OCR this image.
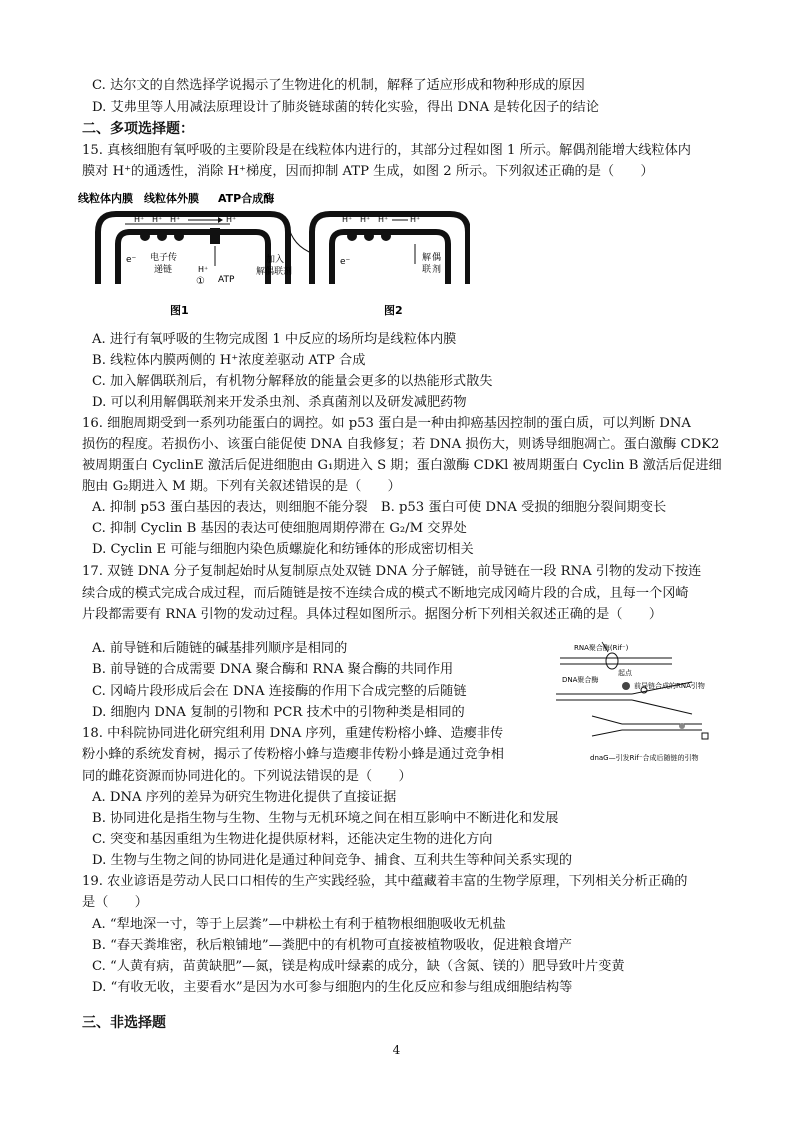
C. 达尔文的自然选择学说揭示了生物进化的机制，解释了适应形成和物种形成的原因
D. 艾弗里等人用减法原理设计了肺炎链球菌的转化实验，得出 DNA 是转化因子的结论
二、多项选择题：
15. 真核细胞有氧呼吸的主要阶段是在线粒体内进行的，其部分过程如图 1 所示。解偶剂能增大线粒体内
膜对 H⁺的通透性，消除 H⁺梯度，因而抑制 ATP 生成，如图 2 所示。下列叙述正确的是（　　）
线粒体内膜 线粒体外膜 ATP合成酶
H⁺ H⁺ H⁺	H⁺
e⁻ 电子传
递链	H⁺
① ATP
图1
加入
解偶联剂
H⁺ H⁺ H⁺	H⁺
e⁻	解 偶
联 剂
图2
A. 进行有氧呼吸的生物完成图 1 中反应的场所均是线粒体内膜
B. 线粒体内膜两侧的 H⁺浓度差驱动 ATP 合成
C. 加入解偶联剂后，有机物分解释放的能量会更多的以热能形式散失
D. 可以利用解偶联剂来开发杀虫剂、杀真菌剂以及研发减肥药物
16. 细胞周期受到一系列功能蛋白的调控。如 p53 蛋白是一种由抑癌基因控制的蛋白质，可以判断 DNA
损伤的程度。若损伤小、该蛋白能促使 DNA 自我修复；若 DNA 损伤大，则诱导细胞凋亡。蛋白激酶 CDK2
被周期蛋白 CyclinE 激活后促进细胞由 G₁期进入 S 期；蛋白激酶 CDKl 被周期蛋白 Cyclin B 激活后促进细
胞由 G₂期进入 M 期。下列有关叙述错误的是（　　）
A. 抑制 p53 蛋白基因的表达，则细胞不能分裂　B. p53 蛋白可使 DNA 受损的细胞分裂间期变长
C. 抑制 Cyclin B 基因的表达可使细胞周期停滞在 G₂/M 交界处
D. Cyclin E 可能与细胞内染色质螺旋化和纺锤体的形成密切相关
17. 双链 DNA 分子复制起始时从复制原点处双链 DNA 分子解链，前导链在一段 RNA 引物的发动下按连
续合成的模式完成合成过程，而后随链是按不连续合成的模式不断地完成冈崎片段的合成，且每一个冈崎
片段都需要有 RNA 引物的发动过程。具体过程如图所示。据图分析下列相关叙述正确的是（　　）
RNA聚合酶(Rif⁻)
起点
DNA聚合酶
前导链合成的RNA引物
dnaG—引发Rif⁻合成后随链的引物
A. 前导链和后随链的碱基排列顺序是相同的
B. 前导链的合成需要 DNA 聚合酶和 RNA 聚合酶的共同作用
C. 冈崎片段形成后会在 DNA 连接酶的作用下合成完整的后随链
D. 细胞内 DNA 复制的引物和 PCR 技术中的引物种类是相同的
18. 中科院协同进化研究组利用 DNA 序列，重建传粉榕小蜂、造瘿非传
粉小蜂的系统发育树，揭示了传粉榕小蜂与造瘿非传粉小蜂是通过竞争相
同的雌花资源而协同进化的。下列说法错误的是（　　）
A. DNA 序列的差异为研究生物进化提供了直接证据
B. 协同进化是指生物与生物、生物与无机环境之间在相互影响中不断进化和发展
C. 突变和基因重组为生物进化提供原材料，还能决定生物的进化方向
D. 生物与生物之间的协同进化是通过种间竞争、捕食、互利共生等种间关系实现的
19. 农业谚语是劳动人民口口相传的生产实践经验，其中蕴藏着丰富的生物学原理，下列相关分析正确的
是（　　）
A. “犁地深一寸，等于上层粪”—中耕松土有利于植物根细胞吸收无机盐
B. “春天粪堆密，秋后粮铺地”—粪肥中的有机物可直接被植物吸收，促进粮食增产
C. “人黄有病，苗黄缺肥”—氮，镁是构成叶绿素的成分，缺（含氮、镁的）肥导致叶片变黄
D. “有收无收，主要看水”是因为水可参与细胞内的生化反应和参与组成细胞结构等
三、非选择题
4
